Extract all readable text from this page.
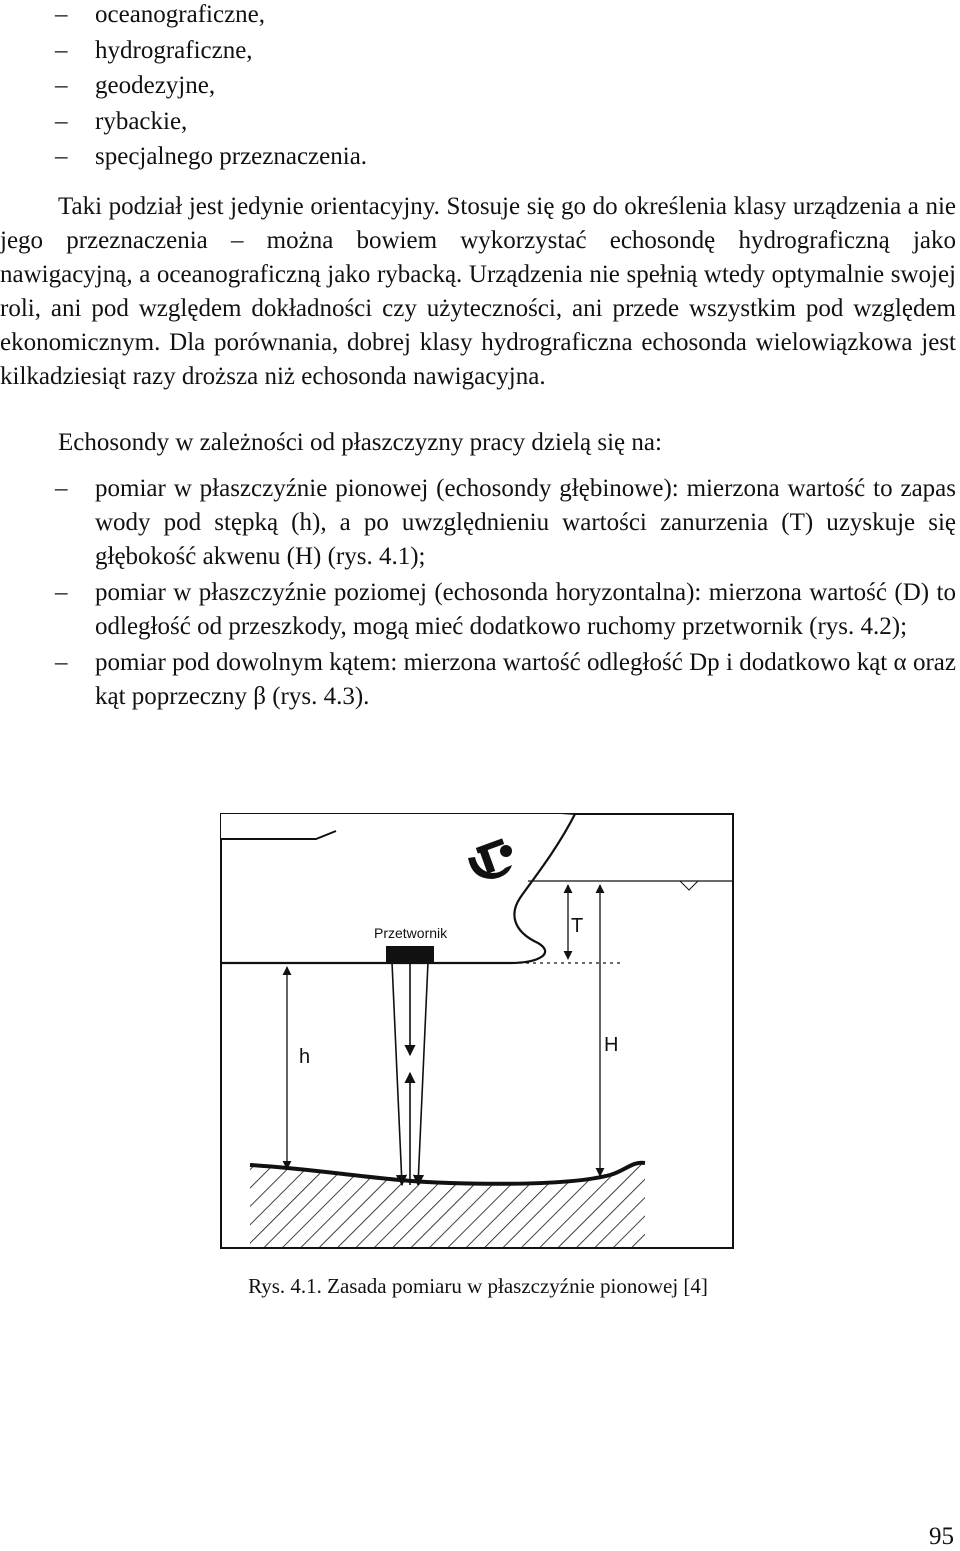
– oceanograficzne,
– hydrograficzne,
– geodezyjne,
– rybackie,
– specjalnego przeznaczenia.

Taki podział jest jedynie orientacyjny. Stosuje się go do określenia klasy urządzenia a nie jego przeznaczenia – można bowiem wykorzystać echosondę hydrograficzną jako nawigacyjną, a oceanograficzną jako rybacką. Urządzenia nie spełnią wtedy optymalnie swojej roli, ani pod względem dokładności czy użyteczności, ani przede wszystkim pod względem ekonomicznym. Dla porównania, dobrej klasy hydrograficzna echosonda wielowiązkowa jest kilkadziesiąt razy droższa niż echosonda nawigacyjna.

Echosondy w zależności od płaszczyzny pracy dzielą się na:

– pomiar w płaszczyźnie pionowej (echosondy głębinowe): mierzona wartość to zapas wody pod stępką (h), a po uwzględnieniu wartości zanurzenia (T) uzyskuje się głębokość akwenu (H) (rys. 4.1);
– pomiar w płaszczyźnie poziomej (echosonda horyzontalna): mierzona wartość (D) to odległość od przeszkody, mogą mieć dodatkowo ruchomy przetwornik (rys. 4.2);
– pomiar pod dowolnym kątem: mierzona wartość odległość Dp i dodatkowo kąt α oraz kąt poprzeczny β (rys. 4.3).
Przetwornik	T
H
h
Rys. 4.1. Zasada pomiaru w płaszczyźnie pionowej [4]
95
